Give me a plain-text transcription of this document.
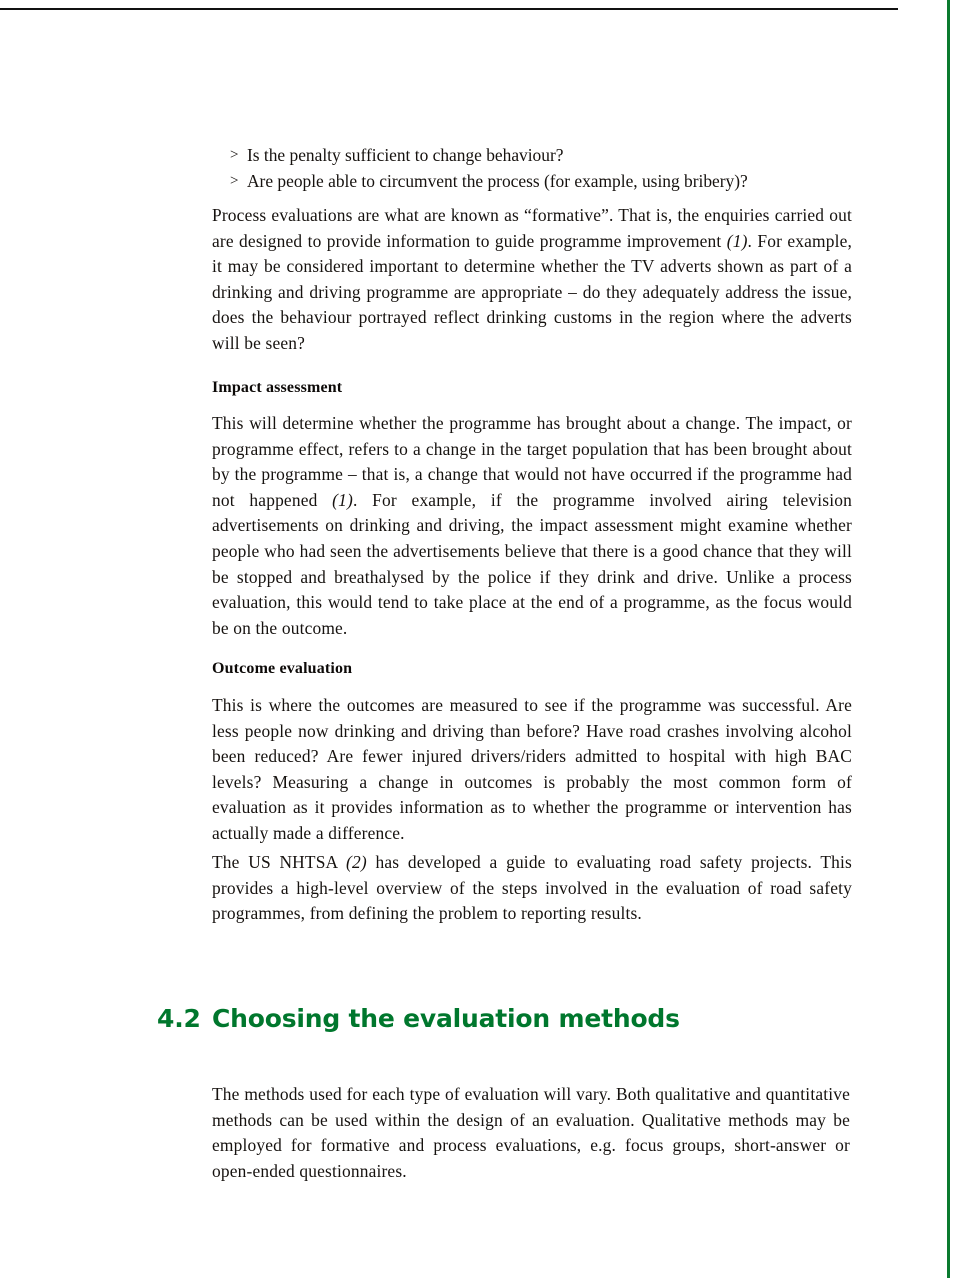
> Is the penalty sufficient to change behaviour?
> Are people able to circumvent the process (for example, using bribery)?

Process evaluations are what are known as “formative”. That is, the enquiries carried out are designed to provide information to guide programme improvement (1). For example, it may be considered important to determine whether the TV adverts shown as part of a drinking and driving programme are appropriate – do they adequately address the issue, does the behaviour portrayed reflect drinking customs in the region where the adverts will be seen?

Impact assessment

This will determine whether the programme has brought about a change. The impact, or programme effect, refers to a change in the target population that has been brought about by the programme – that is, a change that would not have occurred if the programme had not happened (1). For example, if the programme involved airing television advertisements on drinking and driving, the impact assessment might examine whether people who had seen the advertisements believe that there is a good chance that they will be stopped and breathalysed by the police if they drink and drive. Unlike a process evaluation, this would tend to take place at the end of a programme, as the focus would be on the outcome.

Outcome evaluation

This is where the outcomes are measured to see if the programme was successful. Are less people now drinking and driving than before? Have road crashes involving alcohol been reduced? Are fewer injured drivers/riders admitted to hospital with high BAC levels? Measuring a change in outcomes is probably the most common form of evaluation as it provides information as to whether the programme or intervention has actually made a difference.

The US NHTSA (2) has developed a guide to evaluating road safety projects. This provides a high-level overview of the steps involved in the evaluation of road safety programmes, from defining the problem to reporting results.

The methods used for each type of evaluation will vary. Both qualitative and quantitative methods can be used within the design of an evaluation. Qualitative methods may be employed for formative and process evaluations, e.g. focus groups, short-answer or open-ended questionnaires.

4.2 Choosing the evaluation methods
